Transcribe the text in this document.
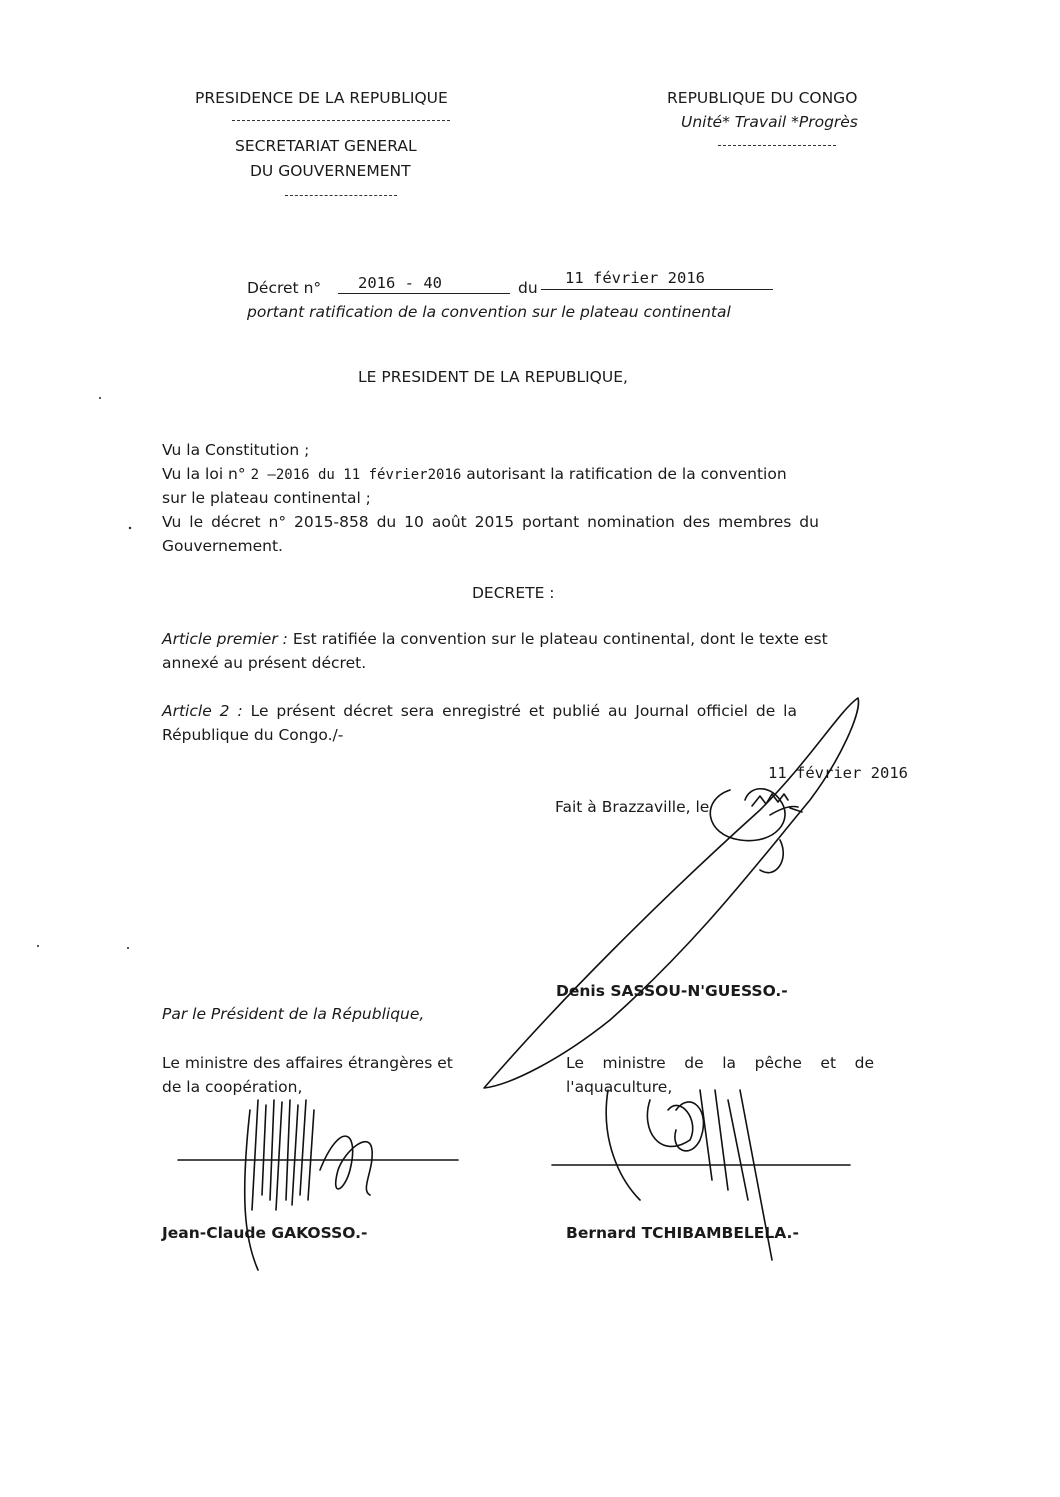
PRESIDENCE DE LA REPUBLIQUE
SECRETARIAT GENERAL
DU GOUVERNEMENT
REPUBLIQUE DU CONGO
Unité* Travail *Progrès
Décret n° 2016 - 40	du
11 février 2016
portant ratification de la convention sur le plateau continental
LE PRESIDENT DE LA REPUBLIQUE,
Vu la Constitution ;
Vu la loi n° 2 –2016 du 11 février2016 autorisant la ratification de la convention
sur le plateau continental ;
Vu le décret n° 2015-858 du 10 août 2015 portant nomination des membres du
Gouvernement.
DECRETE :
Article premier : Est ratifiée la convention sur le plateau continental, dont le texte est
annexé au présent décret.
Article 2 : Le présent décret sera enregistré et publié au Journal officiel de la
République du Congo./-
11 février 2016
Fait à Brazzaville, le
Denis SASSOU-N'GUESSO.-
Par le Président de la République,
Le ministre des affaires étrangères et
de la coopération,
Jean-Claude GAKOSSO.-
Le ministre de la pêche et de
l'aquaculture,
Bernard TCHIBAMBELELA.-
